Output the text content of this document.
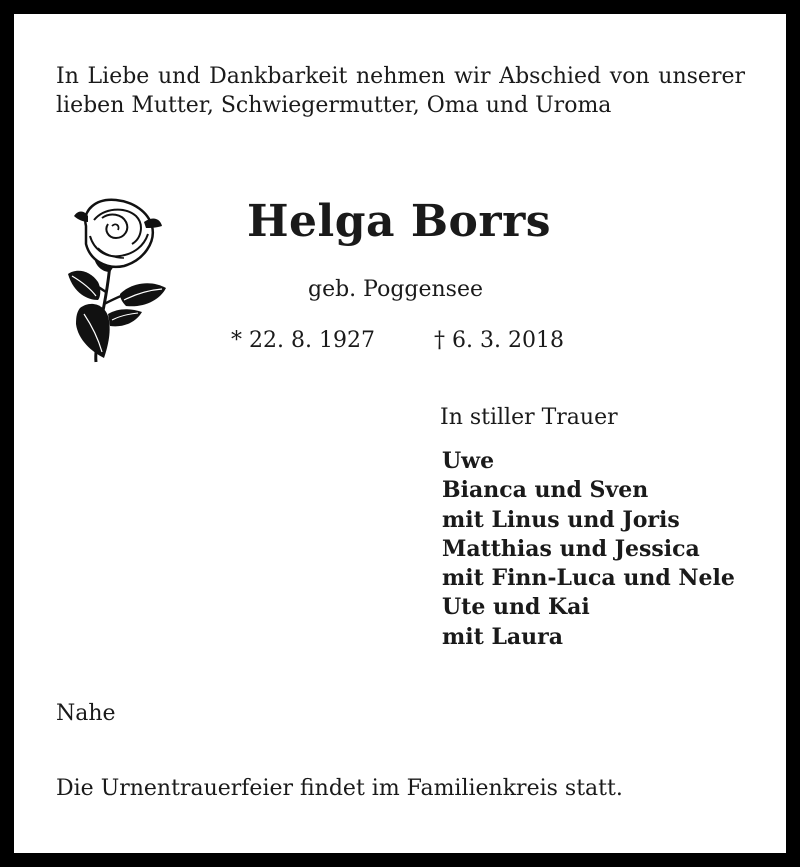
In Liebe und Dankbarkeit nehmen wir Abschied von unserer lieben Mutter, Schwiegermutter, Oma und Uroma

Helga Borrs
geb. Poggensee
* 22. 8. 1927	† 6. 3. 2018
In stiller Trauer
Uwe
Bianca und Sven
mit Linus und Joris
Matthias und Jessica
mit Finn-Luca und Nele
Ute und Kai
mit Laura
Nahe
Die Urnentrauerfeier findet im Familienkreis statt.
